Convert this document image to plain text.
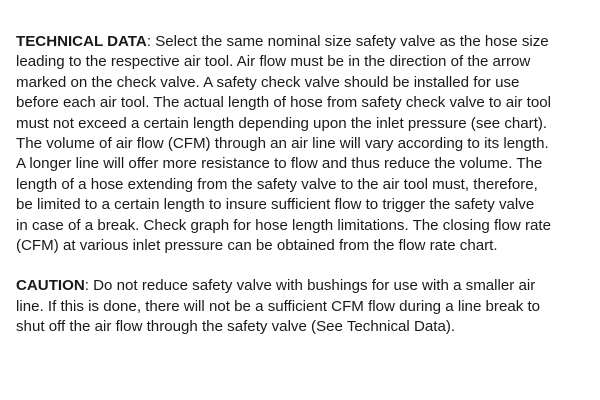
TECHNICAL DATA: Select the same nominal size safety valve as the hose size
leading to the respective air tool. Air flow must be in the direction of the arrow
marked on the check valve. A safety check valve should be installed for use
before each air tool. The actual length of hose from safety check valve to air tool
must not exceed a certain length depending upon the inlet pressure (see chart).
The volume of air flow (CFM) through an air line will vary according to its length.
A longer line will offer more resistance to flow and thus reduce the volume. The
length of a hose extending from the safety valve to the air tool must, therefore,
be limited to a certain length to insure sufficient flow to trigger the safety valve
in case of a break. Check graph for hose length limitations. The closing flow rate
(CFM) at various inlet pressure can be obtained from the flow rate chart.

CAUTION: Do not reduce safety valve with bushings for use with a smaller air
line. If this is done, there will not be a sufficient CFM flow during a line break to
shut off the air flow through the safety valve (See Technical Data).
